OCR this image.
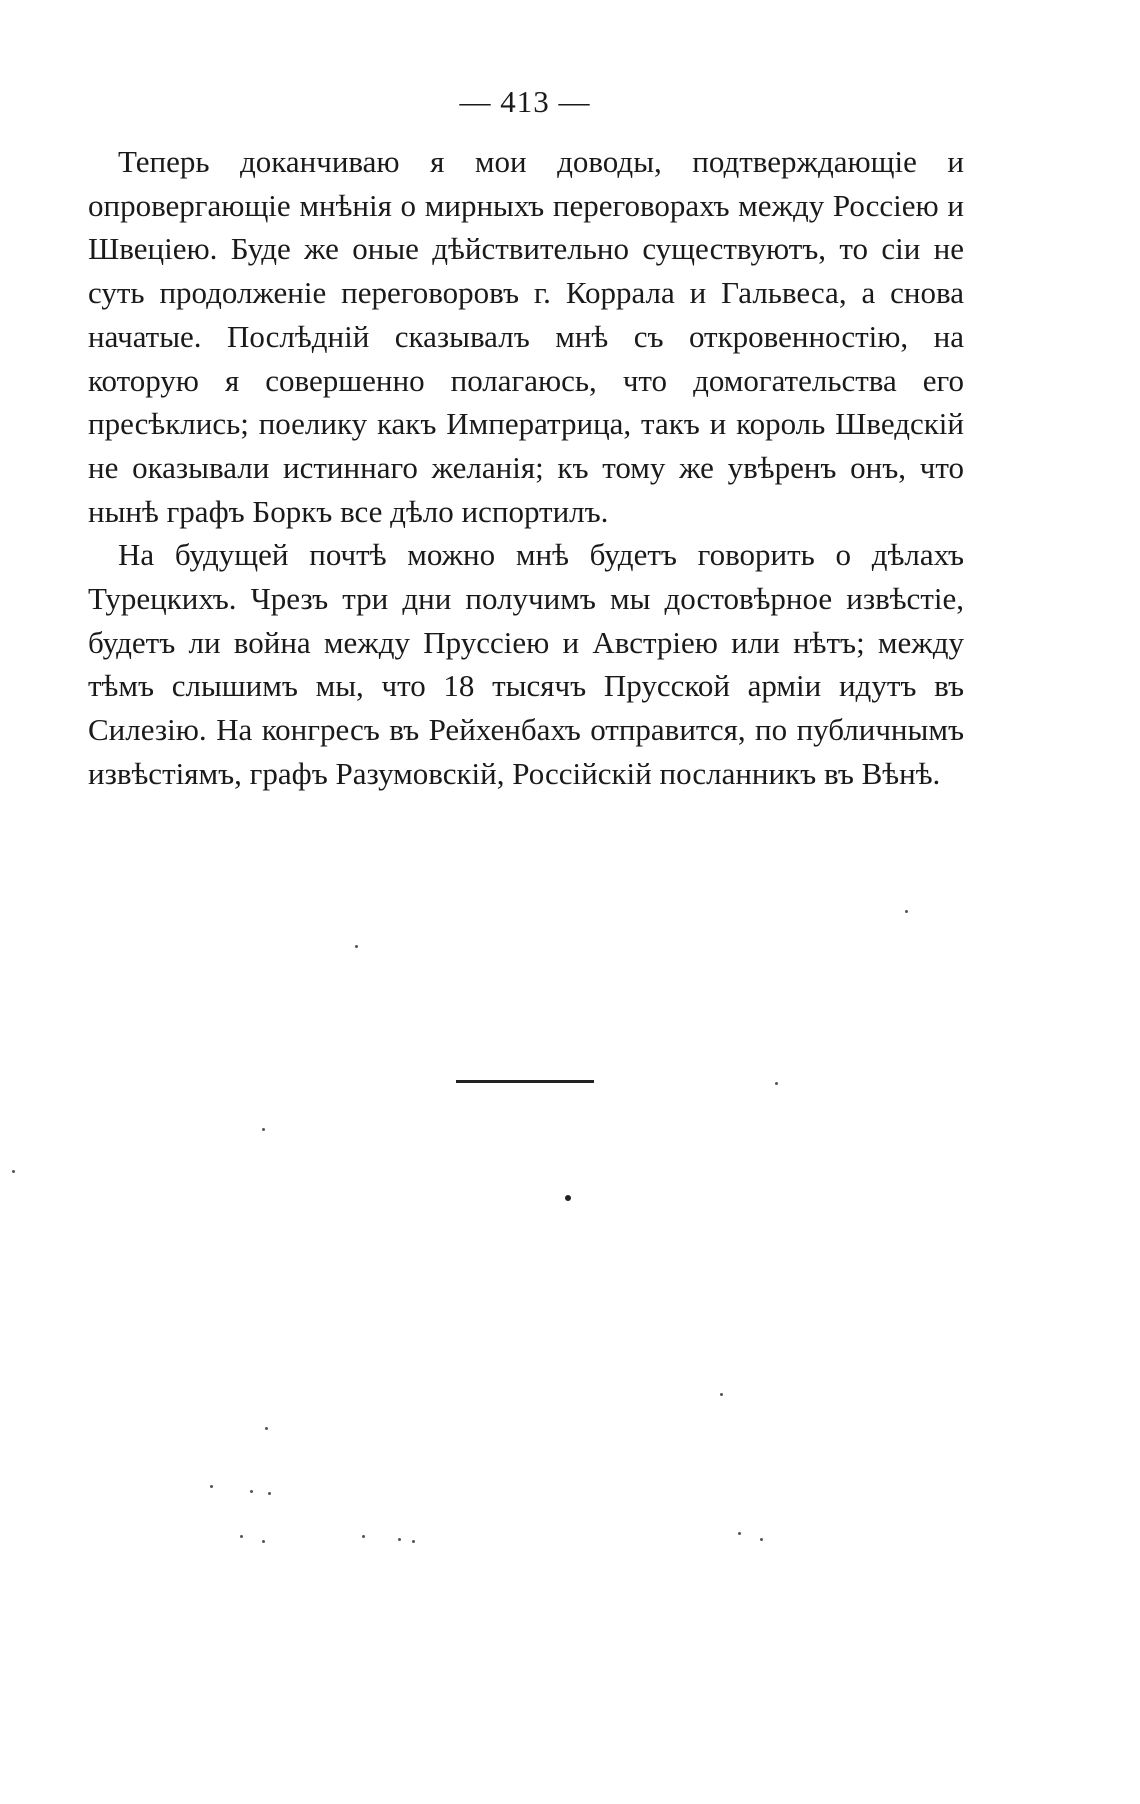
— 413 —

Теперь доканчиваю я мои доводы, подтверждающіе и опровергающіе мнѣнія о мирныхъ переговорахъ между Россіею и Швеціею. Буде же оные дѣйствительно существуютъ, то сіи не суть продолженіе переговоровъ г. Коррала и Гальвеса, а снова начатые. Послѣдній сказывалъ мнѣ съ откровенностію, на которую я совершенно полагаюсь, что домогательства его пресѣклись; поелику какъ Императрица, такъ и король Шведскій не оказывали истиннаго желанія; къ тому же увѣренъ онъ, что нынѣ графъ Боркъ все дѣло испортилъ.

На будущей почтѣ можно мнѣ будетъ говорить о дѣлахъ Турецкихъ. Чрезъ три дни получимъ мы достовѣрное извѣстіе, будетъ ли война между Пруссіею и Австріею или нѣтъ; между тѣмъ слышимъ мы, что 18 тысячъ Прусской арміи идутъ въ Силезію. На конгресъ въ Рейхенбахъ отправится, по публичнымъ извѣстіямъ, графъ Разумовскій, Россійскій посланникъ въ Вѣнѣ.
